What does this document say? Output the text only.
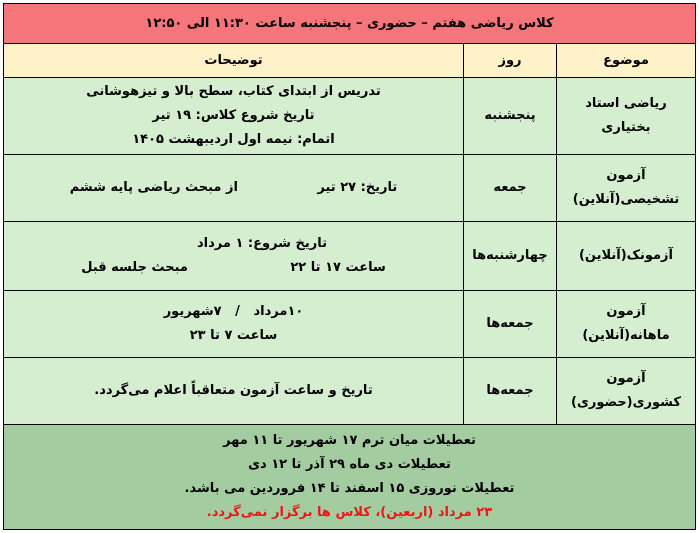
کلاس ریاضی هفتم – حضوری – پنجشنبه ساعت ۱۱:۳۰ الی ۱۲:۵۰		
موضوع	روز	توضیحات
ریاضی استاد بختیاری	پنجشنبه	تدریس از ابتدای کتاب، سطح بالا و تیزهوشانی
تاریخ شروع کلاس: ۱۹ تیر
اتمام: نیمه اول اردیبهشت ۱۴۰۵

آزمون
تشخیصی(آنلاین)	جمعه	تاریخ: ۲۷ تیر
از مبحث ریاضی پایه ششم

آزمونک(آنلاین)	چهارشنبه‌ها	تاریخ شروع: ۱ مرداد
ساعت ۱۷ تا ۲۲
مبحث جلسه قبل

آزمون ماهانه(آنلاین)	جمعه‌ها	۱۰مرداد   /   ۷شهریور
ساعت ۷ تا ۲۳

آزمون کشوری(حضوری)	جمعه‌ها	تاریخ و ساعت آزمون متعاقباً اعلام می‌گردد.

تعطیلات میان ترم ۱۷ شهریور تا ۱۱ مهر
تعطیلات دی ماه ۲۹ آذر تا ۱۲ دی
تعطیلات نوروزی ۱۵ اسفند تا ۱۴ فروردین می باشد.
۲۳ مرداد (اربعین)، کلاس ها برگزار نمی‌گردد.		
